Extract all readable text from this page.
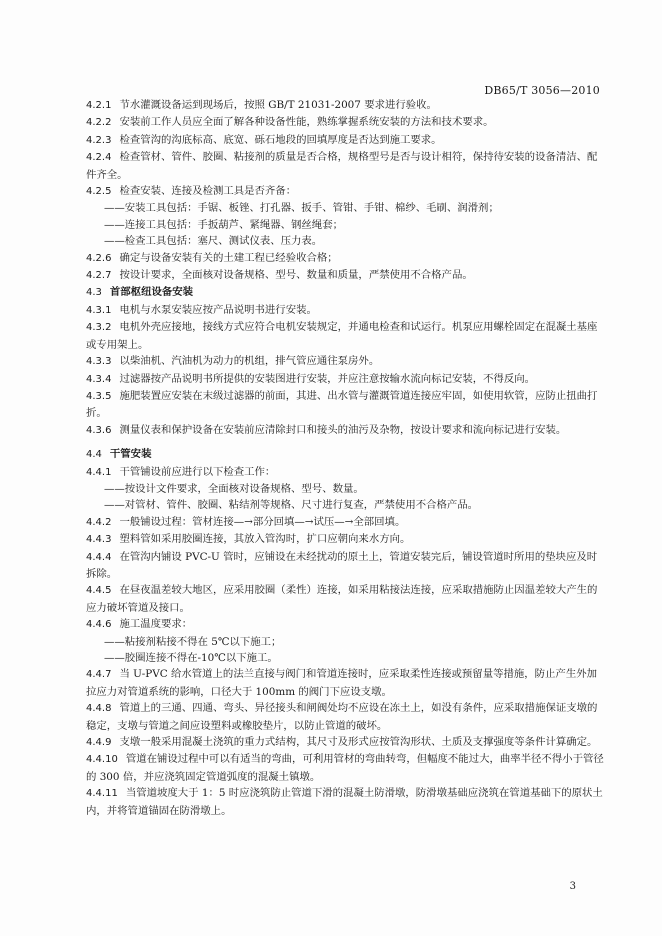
DB65/T 3056—2010

4.2.1 节水灌溉设备运到现场后，按照 GB/T 21031-2007 要求进行验收。

4.2.2 安装前工作人员应全面了解各种设备性能，熟练掌握系统安装的方法和技术要求。

4.2.3 检查管沟的沟底标高、底宽、砾石地段的回填厚度是否达到施工要求。

4.2.4 检查管材、管件、胶圈、粘接剂的质量是否合格，规格型号是否与设计相符，保持待安装的设备清洁、配件齐全。

4.2.5 检查安装、连接及检测工具是否齐备：

——安装工具包括：手锯、板锉、打孔器、扳手、管钳、手钳、棉纱、毛刷、润滑剂；

——连接工具包括：手扳葫芦、紧绳器、钢丝绳套；

——检查工具包括：塞尺、测试仪表、压力表。

4.2.6 确定与设备安装有关的土建工程已经验收合格；

4.2.7 按设计要求，全面核对设备规格、型号、数量和质量，严禁使用不合格产品。

4.3 首部枢纽设备安装

4.3.1 电机与水泵安装应按产品说明书进行安装。

4.3.2 电机外壳应接地，接线方式应符合电机安装规定，并通电检查和试运行。机泵应用螺栓固定在混凝土基座或专用架上。

4.3.3 以柴油机、汽油机为动力的机组，排气管应通往泵房外。

4.3.4 过滤器按产品说明书所提供的安装图进行安装，并应注意按输水流向标记安装，不得反向。

4.3.5 施肥装置应安装在末级过滤器的前面，其进、出水管与灌溉管道连接应牢固，如使用软管，应防止扭曲打折。

4.3.6 测量仪表和保护设备在安装前应清除封口和接头的油污及杂物，按设计要求和流向标记进行安装。

4.4 干管安装

4.4.1 干管铺设前应进行以下检查工作：

——按设计文件要求，全面核对设备规格、型号、数量。

——对管材、管件、胶圈、粘结剂等规格、尺寸进行复查，严禁使用不合格产品。

4.4.2 一般铺设过程：管材连接—→部分回填—→试压—→全部回填。

4.4.3 塑料管如采用胶圈连接，其放入管沟时，扩口应朝向来水方向。

4.4.4 在管沟内铺设 PVC-U 管时，应铺设在未经扰动的原土上，管道安装完后，铺设管道时所用的垫块应及时拆除。

4.4.5 在昼夜温差较大地区，应采用胶圈（柔性）连接，如采用粘接法连接，应采取措施防止因温差较大产生的应力破坏管道及接口。

4.4.6 施工温度要求：

——粘接剂粘接不得在 5℃以下施工；

——胶圈连接不得在-10℃以下施工。

4.4.7 当 U-PVC 给水管道上的法兰直接与阀门和管道连接时，应采取柔性连接或预留量等措施，防止产生外加拉应力对管道系统的影响，口径大于 100mm 的阀门下应设支墩。

4.4.8 管道上的三通、四通、弯头、异径接头和闸阀处均不应设在冻土上，如没有条件，应采取措施保证支墩的稳定，支墩与管道之间应设塑料或橡胶垫片，以防止管道的破坏。

4.4.9 支墩一般采用混凝土浇筑的重力式结构，其尺寸及形式应按管沟形状、土质及支撑强度等条件计算确定。

4.4.10 管道在铺设过程中可以有适当的弯曲，可利用管材的弯曲转弯，但幅度不能过大，曲率半径不得小于管径的 300 倍，并应浇筑固定管道弧度的混凝土镇墩。

4.4.11 当管道坡度大于 1：5 时应浇筑防止管道下滑的混凝土防滑墩，防滑墩基础应浇筑在管道基础下的原状土内，并将管道锚固在防滑墩上。

3
